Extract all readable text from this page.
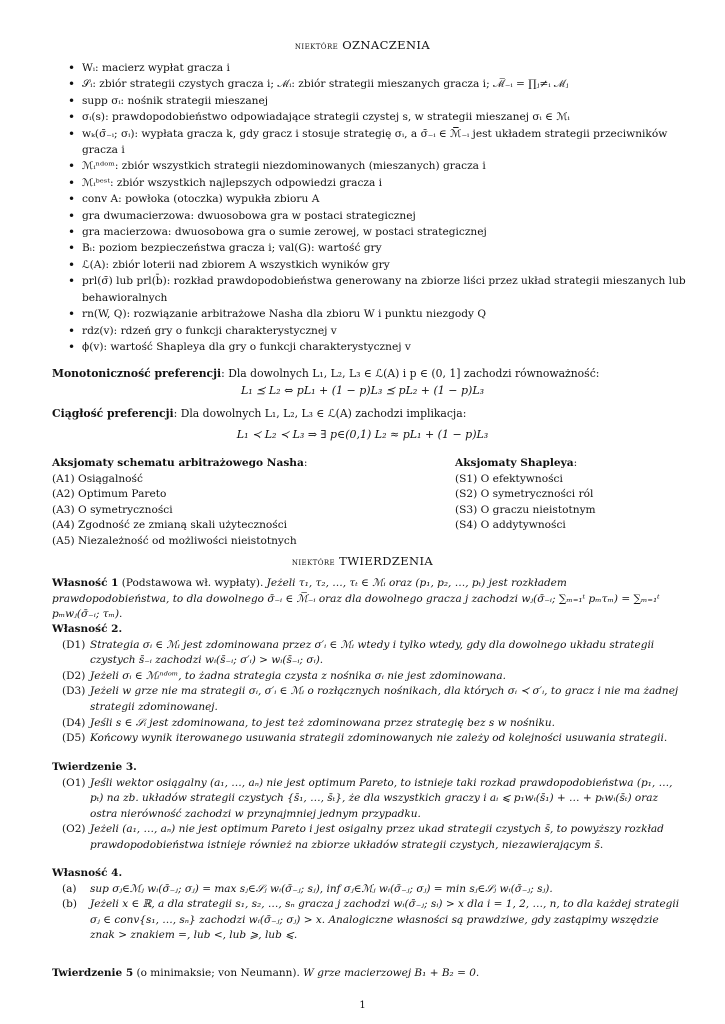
niektóre OZNACZENIA
• Wᵢ: macierz wypłat gracza i
• 𝒮ᵢ: zbiór strategii czystych gracza i; ℳᵢ: zbiór strategii mieszanych gracza i; ℳ̅₋ᵢ = ∏ⱼ≠ᵢ ℳⱼ
• supp σᵢ: nośnik strategii mieszanej
• σᵢ(s): prawdopodobieństwo odpowiadające strategii czystej s, w strategii mieszanej σᵢ ∈ ℳᵢ
• wₖ(σ̄₋ᵢ; σᵢ): wypłata gracza k, gdy gracz i stosuje strategię σᵢ, a σ̄₋ᵢ ∈ ℳ̅₋ᵢ jest układem strategii przeciwników gracza i
• ℳᵢⁿᵈᵒᵐ: zbiór wszystkich strategii niezdominowanych (mieszanych) gracza i
• ℳᵢᵇᵉˢᵗ: zbiór wszystkich najlepszych odpowiedzi gracza i
• conv A: powłoka (otoczka) wypukła zbioru A
• gra dwumacierzowa: dwuosobowa gra w postaci strategicznej
• gra macierzowa: dwuosobowa gra o sumie zerowej, w postaci strategicznej
• Bᵢ: poziom bezpieczeństwa gracza i; val(G): wartość gry
• ℒ(A): zbiór loterii nad zbiorem A wszystkich wyników gry
• prl(σ̄) lub prl(b̄): rozkład prawdopodobieństwa generowany na zbiorze liści przez układ strategii mieszanych lub behawioralnych
• rn(W, Q): rozwiązanie arbitrażowe Nasha dla zbioru W i punktu niezgody Q
• rdz(v): rdzeń gry o funkcji charakterystycznej v
• ϕ(v): wartość Shapleya dla gry o funkcji charakterystycznej v
Monotoniczność preferencji: Dla dowolnych L₁, L₂, L₃ ∈ ℒ(A) i p ∈ (0, 1] zachodzi równoważność:
L₁ ⪯ L₂ ⇔ pL₁ + (1 − p)L₃ ⪯ pL₂ + (1 − p)L₃
Ciągłość preferencji: Dla dowolnych L₁, L₂, L₃ ∈ ℒ(A) zachodzi implikacja:
L₁ ≺ L₂ ≺ L₃ ⇒ ∃ p∈(0,1) L₂ ≈ pL₁ + (1 − p)L₃
Aksjomaty schematu arbitrażowego Nasha:
(A1) Osiągalność
(A2) Optimum Pareto
(A3) O symetryczności
(A4) Zgodność ze zmianą skali użyteczności
(A5) Niezależność od możliwości nieistotnych
Aksjomaty Shapleya:
(S1) O efektywności
(S2) O symetryczności ról
(S3) O graczu nieistotnym
(S4) O addytywności
niektóre TWIERDZENIA
Własność 1 (Podstawowa wł. wypłaty). Jeżeli τ₁, τ₂, …, τₜ ∈ ℳᵢ oraz (p₁, p₂, …, pₜ) jest rozkładem prawdopodobieństwa, to dla dowolnego σ̄₋ᵢ ∈ ℳ̅₋ᵢ oraz dla dowolnego gracza j zachodzi wⱼ(σ̄₋ᵢ; ∑ₘ₌₁ᵗ pₘτₘ) = ∑ₘ₌₁ᵗ pₘwⱼ(σ̄₋ᵢ; τₘ).
Własność 2.
(D1) Strategia σᵢ ∈ ℳᵢ jest zdominowana przez σ′ᵢ ∈ ℳᵢ wtedy i tylko wtedy, gdy dla dowolnego układu strategii czystych s̄₋ᵢ zachodzi wᵢ(s̄₋ᵢ; σ′ᵢ) > wᵢ(s̄₋ᵢ; σᵢ).
(D2) Jeżeli σᵢ ∈ ℳᵢⁿᵈᵒᵐ, to żadna strategia czysta z nośnika σᵢ nie jest zdominowana.
(D3) Jeżeli w grze nie ma strategii σᵢ, σ′ᵢ ∈ ℳᵢ o rozłącznych nośnikach, dla których σᵢ ≺ σ′ᵢ, to gracz i nie ma żadnej strategii zdominowanej.
(D4) Jeśli s ∈ 𝒮ᵢ jest zdominowana, to jest też zdominowana przez strategię bez s w nośniku.
(D5) Końcowy wynik iterowanego usuwania strategii zdominowanych nie zależy od kolejności usuwania strategii.
Twierdzenie 3.
(O1) Jeśli wektor osiągalny (a₁, …, aₙ) nie jest optimum Pareto, to istnieje taki rozkad prawdopodobieństwa (p₁, …, pₜ) na zb. układów strategii czystych {s̄₁, …, s̄ₜ}, że dla wszystkich graczy i aᵢ ⩽ p₁wᵢ(s̄₁) + … + pₜwᵢ(s̄ₜ) oraz ostra nierówność zachodzi w przynajmniej jednym przypadku.
(O2) Jeżeli (a₁, …, aₙ) nie jest optimum Pareto i jest osigalny przez ukad strategii czystych s̄, to powyższy rozkład prawdopodobieństwa istnieje również na zbiorze układów strategii czystych, niezawierającym s̄.
Własność 4.
(a) sup σⱼ∈ℳⱼ wᵢ(σ̄₋ⱼ; σⱼ) = max sⱼ∈𝒮ⱼ wᵢ(σ̄₋ⱼ; sⱼ), inf σⱼ∈ℳⱼ wᵢ(σ̄₋ⱼ; σⱼ) = min sⱼ∈𝒮ⱼ wᵢ(σ̄₋ⱼ; sⱼ).
(b) Jeżeli x ∈ ℝ, a dla strategii s₁, s₂, …, sₙ gracza j zachodzi wᵢ(σ̄₋ⱼ; sᵢ) > x dla i = 1, 2, …, n, to dla każdej strategii σⱼ ∈ conv{s₁, …, sₙ} zachodzi wᵢ(σ̄₋ⱼ; σⱼ) > x. Analogiczne własności są prawdziwe, gdy zastąpimy wszędzie znak > znakiem =, lub <, lub ⩾, lub ⩽.
Twierdzenie 5 (o minimaksie; von Neumann). W grze macierzowej B₁ + B₂ = 0.
1
